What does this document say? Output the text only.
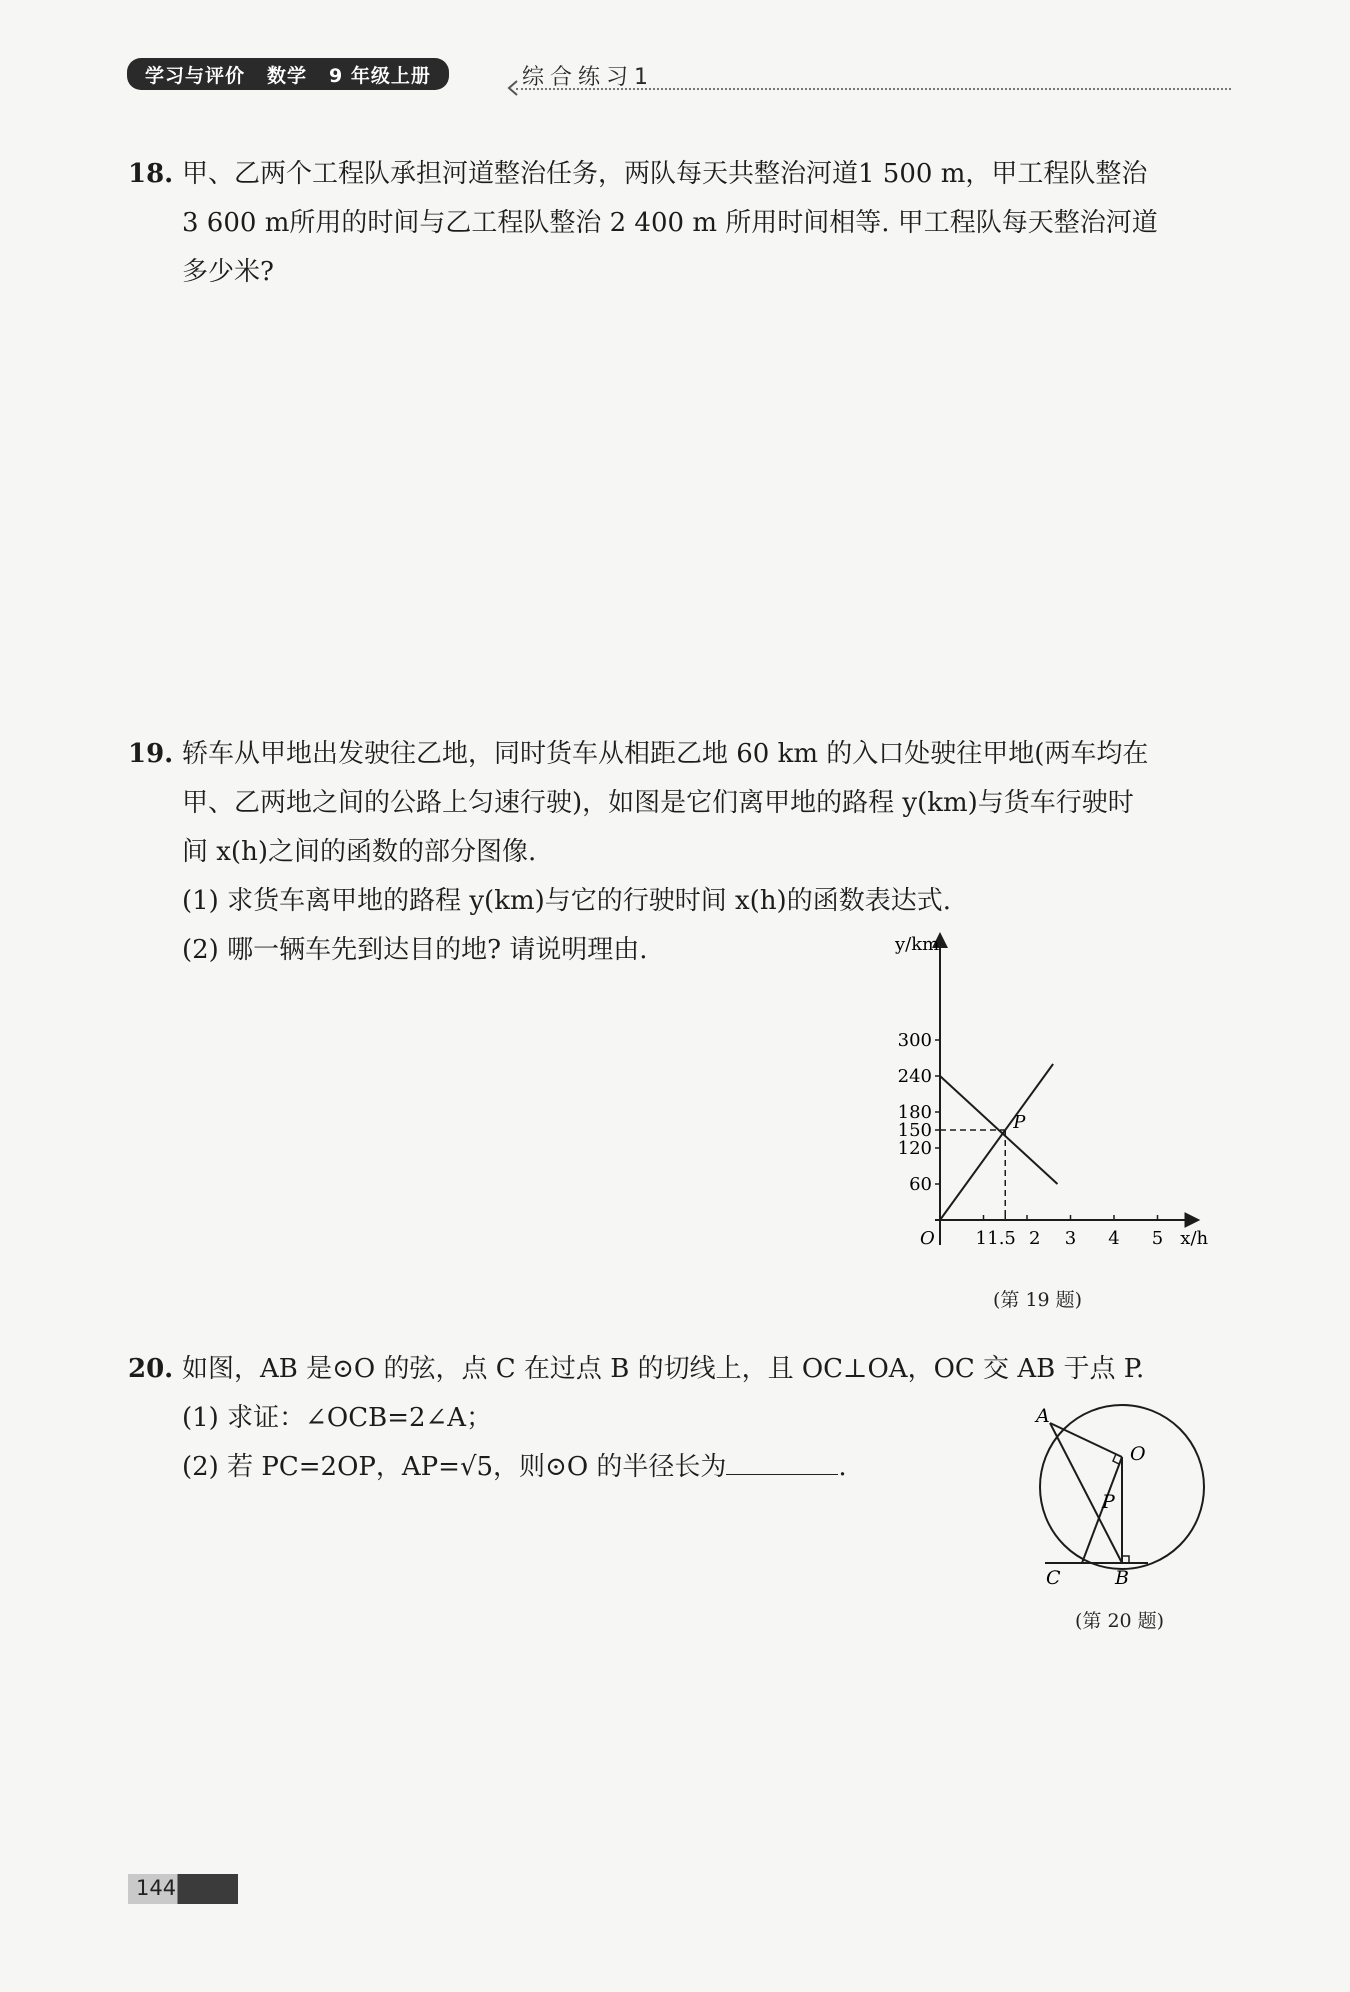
学习与评价 数学 9 年级上册	综合练习1
18. 甲、乙两个工程队承担河道整治任务，两队每天共整治河道1 500 m，甲工程队整治
3 600 m所用的时间与乙工程队整治 2 400 m 所用时间相等. 甲工程队每天整治河道
多少米?
19. 轿车从甲地出发驶往乙地，同时货车从相距乙地 60 km 的入口处驶往甲地(两车均在
甲、乙两地之间的公路上匀速行驶)，如图是它们离甲地的路程 y(km)与货车行驶时
间 x(h)之间的函数的部分图像.
(1) 求货车离甲地的路程 y(km)与它的行驶时间 x(h)的函数表达式.
(2) 哪一辆车先到达目的地? 请说明理由.	y/km
x/h
O
60
120
150
180
240
300
1 1.5 2 3 4 5
P
(第 19 题)
20. 如图，AB 是⊙O 的弦，点 C 在过点 B 的切线上，且 OC⊥OA，OC 交 AB 于点 P.
(1) 求证：∠OCB=2∠A；
(2) 若 PC=2OP，AP=√5，则⊙O 的半径长为	.
A
O
P
C	B
(第 20 题)
144
